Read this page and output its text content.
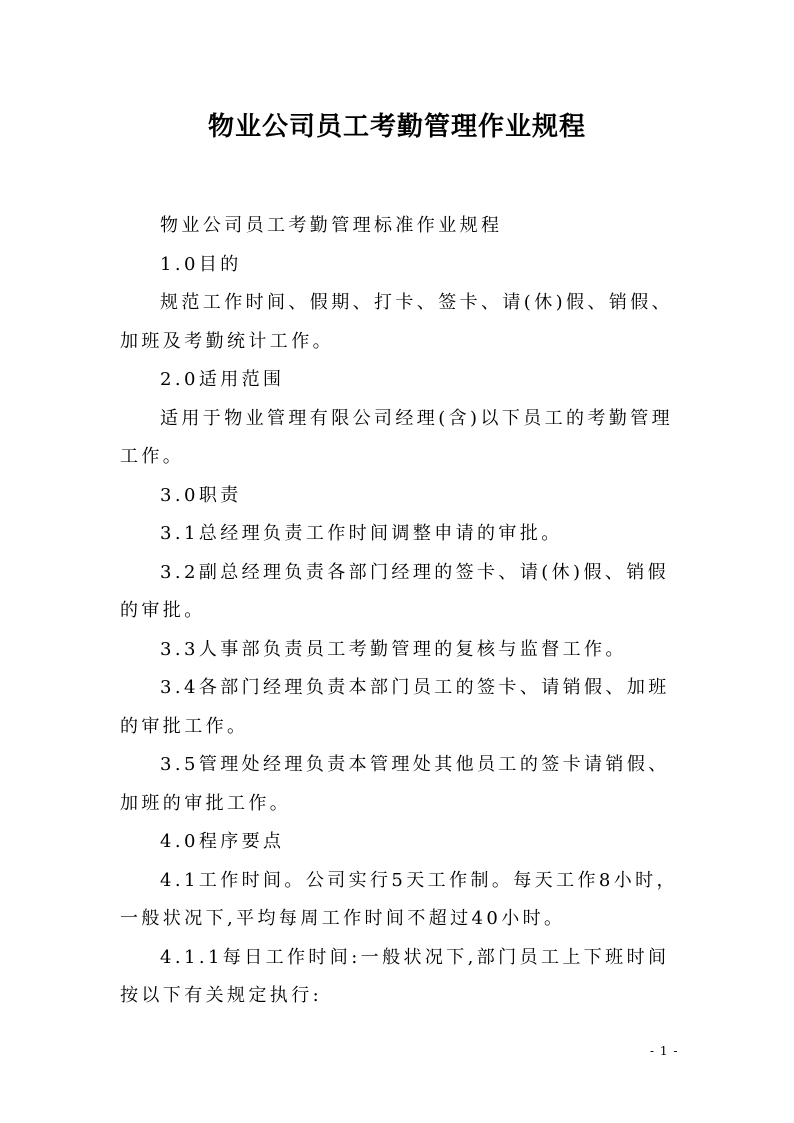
物业公司员工考勤管理作业规程

物业公司员工考勤管理标准作业规程

1.0目的

规范工作时间、假期、打卡、签卡、请(休)假、销假、
加班及考勤统计工作。

2.0适用范围

适用于物业管理有限公司经理(含)以下员工的考勤管理
工作。

3.0职责

3.1总经理负责工作时间调整申请的审批。

3.2副总经理负责各部门经理的签卡、请(休)假、销假
的审批。

3.3人事部负责员工考勤管理的复核与监督工作。

3.4各部门经理负责本部门员工的签卡、请销假、加班
的审批工作。

3.5管理处经理负责本管理处其他员工的签卡请销假、
加班的审批工作。

4.0程序要点

4.1工作时间。公司实行5天工作制。每天工作8小时，
一般状况下,平均每周工作时间不超过40小时。

4.1.1每日工作时间:一般状况下,部门员工上下班时间
按以下有关规定执行:

- 1 -
